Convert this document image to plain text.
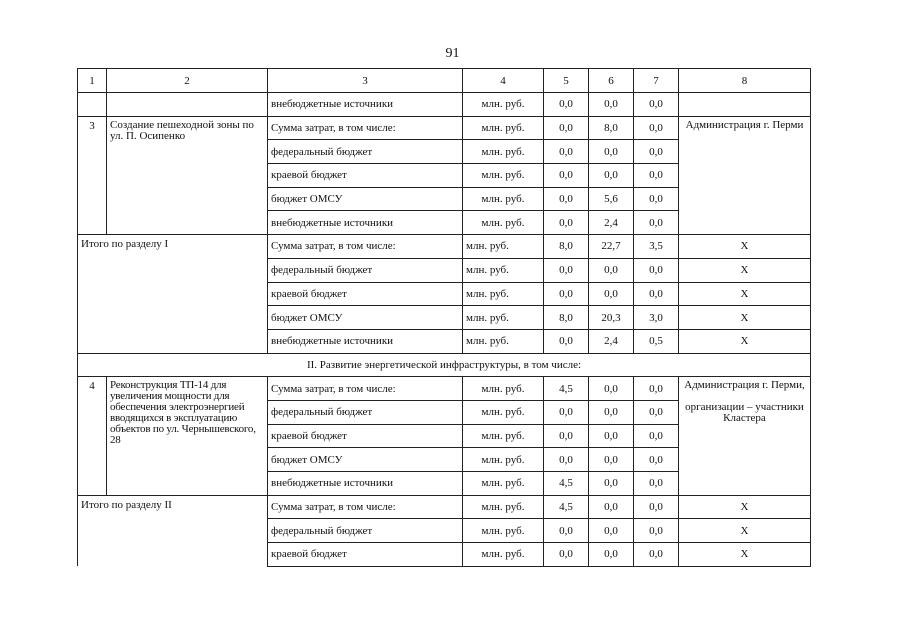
91
1	2	3	4	5	6	7	8
		внебюджетные источники	млн. руб.	0,0	0,0	0,0	
3	Создание пешеходной зоны по ул. П. Осипенко	Сумма затрат, в том числе:	млн. руб.	0,0	8,0	0,0	Администрация г. Перми
		федеральный бюджет	млн. руб.	0,0	0,0	0,0	
		краевой бюджет	млн. руб.	0,0	0,0	0,0	
		бюджет ОМСУ	млн. руб.	0,0	5,6	0,0	
		внебюджетные источники	млн. руб.	0,0	2,4	0,0	
Итого по разделу I		Сумма затрат, в том числе:	млн. руб.	8,0	22,7	3,5	X
		федеральный бюджет	млн. руб.	0,0	0,0	0,0	X
		краевой бюджет	млн. руб.	0,0	0,0	0,0	X
		бюджет ОМСУ	млн. руб.	8,0	20,3	3,0	X
		внебюджетные источники	млн. руб.	0,0	2,4	0,5	X
II. Развитие энергетической инфраструктуры, в том числе:							
4	Реконструкция ТП-14 для увеличения мощности для обеспечения электроэнергией вводящихся в эксплуатацию объектов по ул. Чернышевского, 28	Сумма затрат, в том числе:	млн. руб.	4,5	0,0	0,0	Администрация г. Перми,
организации – участники Кластера

		федеральный бюджет	млн. руб.	0,0	0,0	0,0	
		краевой бюджет	млн. руб.	0,0	0,0	0,0	
		бюджет ОМСУ	млн. руб.	0,0	0,0	0,0	
		внебюджетные источники	млн. руб.	4,5	0,0	0,0	
Итого по разделу II		Сумма затрат, в том числе:	млн. руб.	4,5	0,0	0,0	X
		федеральный бюджет	млн. руб.	0,0	0,0	0,0	X
		краевой бюджет	млн. руб.	0,0	0,0	0,0	X
